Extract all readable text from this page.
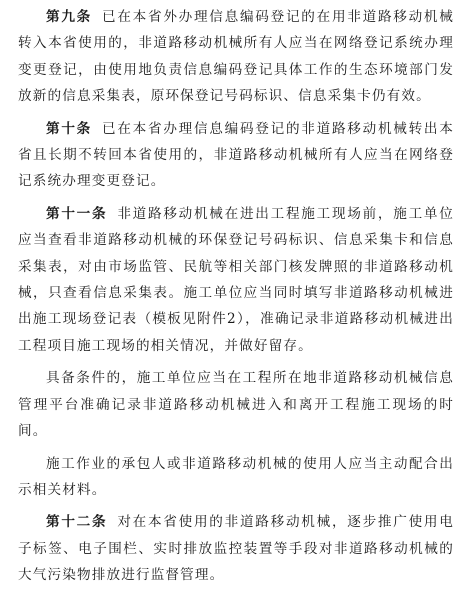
第九条 已在本省外办理信息编码登记的在用非道路移动机械转入本省使用的，非道路移动机械所有人应当在网络登记系统办理变更登记，由使用地负责信息编码登记具体工作的生态环境部门发放新的信息采集表，原环保登记号码标识、信息采集卡仍有效。

第十条 已在本省办理信息编码登记的非道路移动机械转出本省且长期不转回本省使用的，非道路移动机械所有人应当在网络登记系统办理变更登记。

第十一条 非道路移动机械在进出工程施工现场前，施工单位应当查看非道路移动机械的环保登记号码标识、信息采集卡和信息采集表，对由市场监管、民航等相关部门核发牌照的非道路移动机械，只查看信息采集表。施工单位应当同时填写非道路移动机械进出施工现场登记表（模板见附件2），准确记录非道路移动机械进出工程项目施工现场的相关情况，并做好留存。

具备条件的，施工单位应当在工程所在地非道路移动机械信息管理平台准确记录非道路移动机械进入和离开工程施工现场的时间。

施工作业的承包人或非道路移动机械的使用人应当主动配合出示相关材料。

第十二条 对在本省使用的非道路移动机械，逐步推广使用电子标签、电子围栏、实时排放监控装置等手段对非道路移动机械的大气污染物排放进行监督管理。
